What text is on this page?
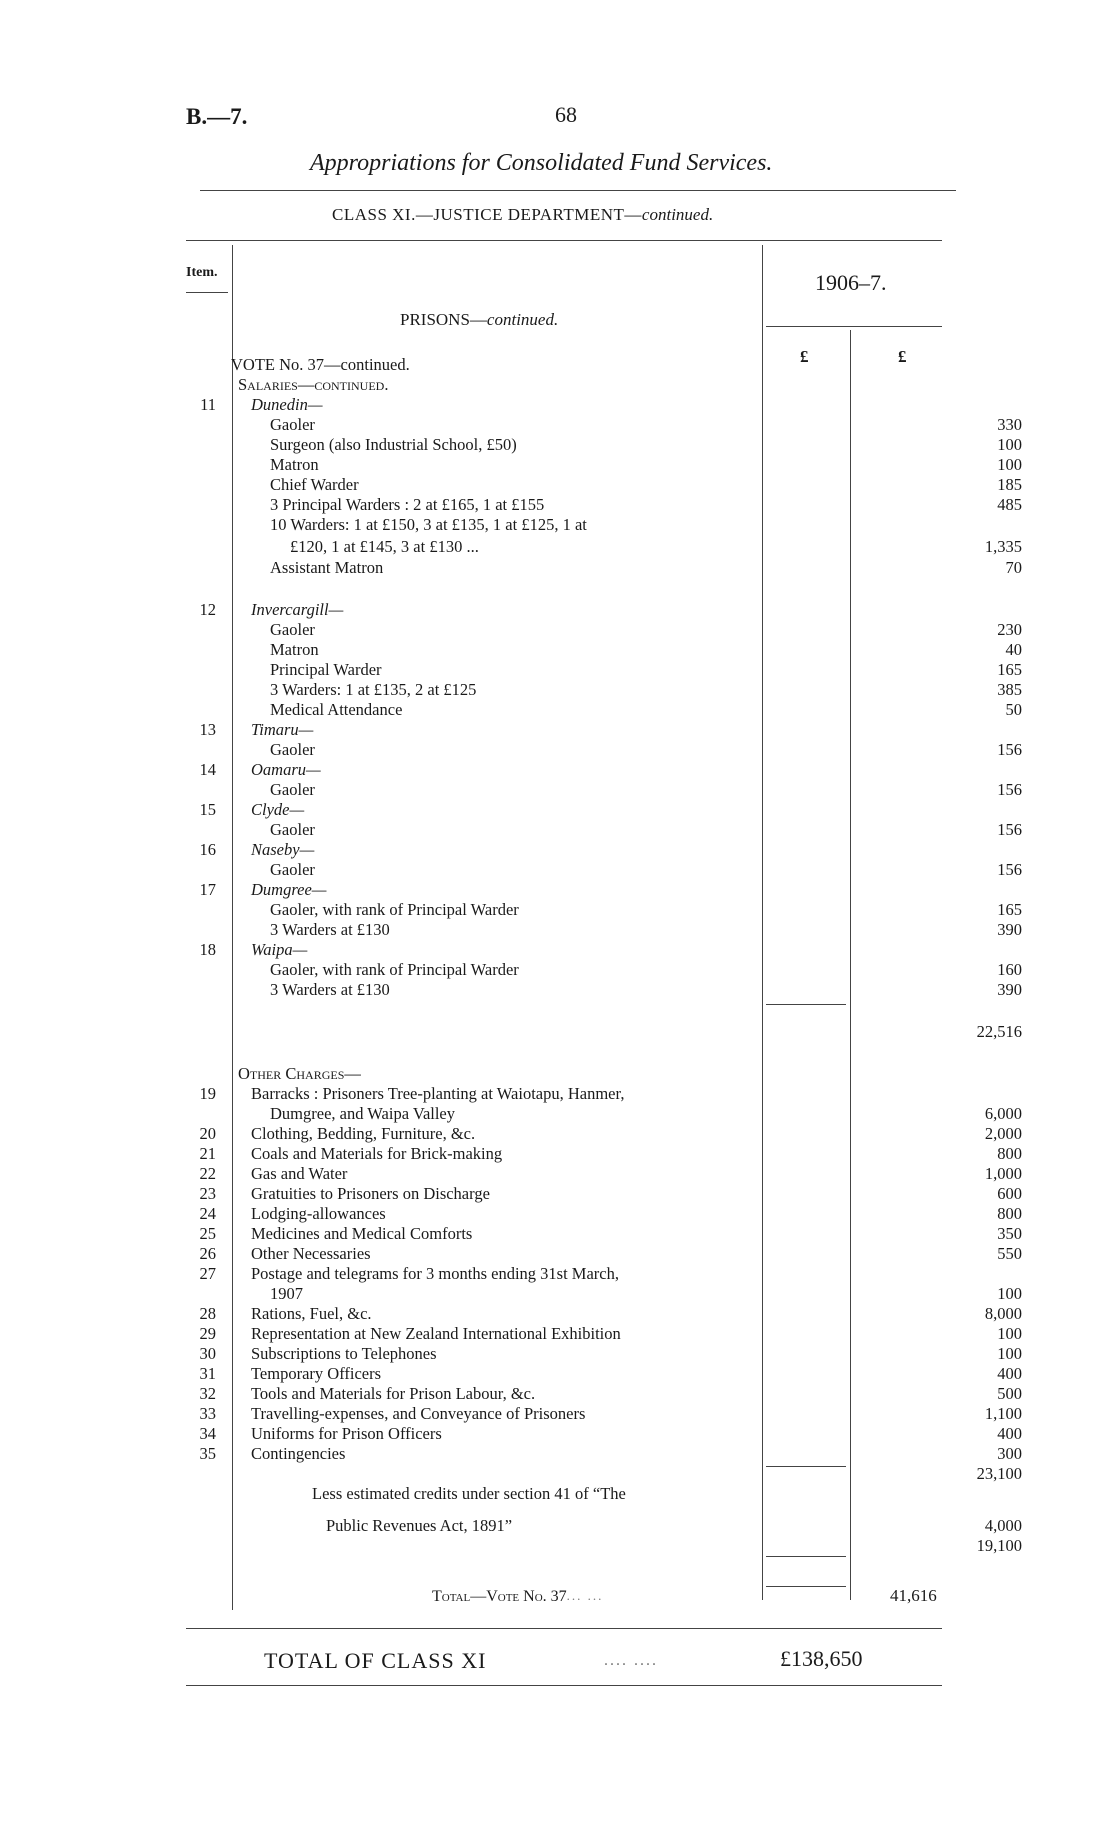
B.—7.	68
Appropriations for Consolidated Fund Services.
CLASS XI.—JUSTICE DEPARTMENT—continued.
Item.	1906–7.
PRISONS—continued.
£	£
VOTE No. 37—continued.
Salaries—continued.
11 Dunedin—
Gaoler	330
Surgeon (also Industrial School, £50)	100
Matron	100
Chief Warder	185
3 Principal Warders : 2 at £165, 1 at £155	485
10 Warders: 1 at £150, 3 at £135, 1 at £125, 1 at
£120, 1 at £145, 3 at £130 ...	1,335
Assistant Matron	70
12 Invercargill—
Gaoler	230
Matron	40
Principal Warder	165
3 Warders: 1 at £135, 2 at £125	385
Medical Attendance	50
13 Timaru—
Gaoler	156
14 Oamaru—
Gaoler	156
15 Clyde—
Gaoler	156
16 Naseby—
Gaoler	156
17 Dumgree—
Gaoler, with rank of Principal Warder	165
3 Warders at £130	390
18 Waipa—
Gaoler, with rank of Principal Warder	160
3 Warders at £130	390
22,516
Other Charges—
19 Barracks : Prisoners Tree-planting at Waiotapu, Hanmer,
Dumgree, and Waipa Valley	6,000
20 Clothing, Bedding, Furniture, &c.	2,000
21 Coals and Materials for Brick-making	800
22 Gas and Water	1,000
23 Gratuities to Prisoners on Discharge	600
24 Lodging-allowances	800
25 Medicines and Medical Comforts	350
26 Other Necessaries	550
27 Postage and telegrams for 3 months ending 31st March,
1907	100
28 Rations, Fuel, &c.	8,000
29 Representation at New Zealand International Exhibition	100
30 Subscriptions to Telephones	100
31 Temporary Officers	400
32 Tools and Materials for Prison Labour, &c.	500
33 Travelling-expenses, and Conveyance of Prisoners	1,100
34 Uniforms for Prison Officers	400
35 Contingencies	300
23,100
Less estimated credits under section 41 of “The
Public Revenues Act, 1891”	4,000
19,100
Total—Vote No. 37 ... ...	41,616
TOTAL OF CLASS XI	.... ....	£138,650
